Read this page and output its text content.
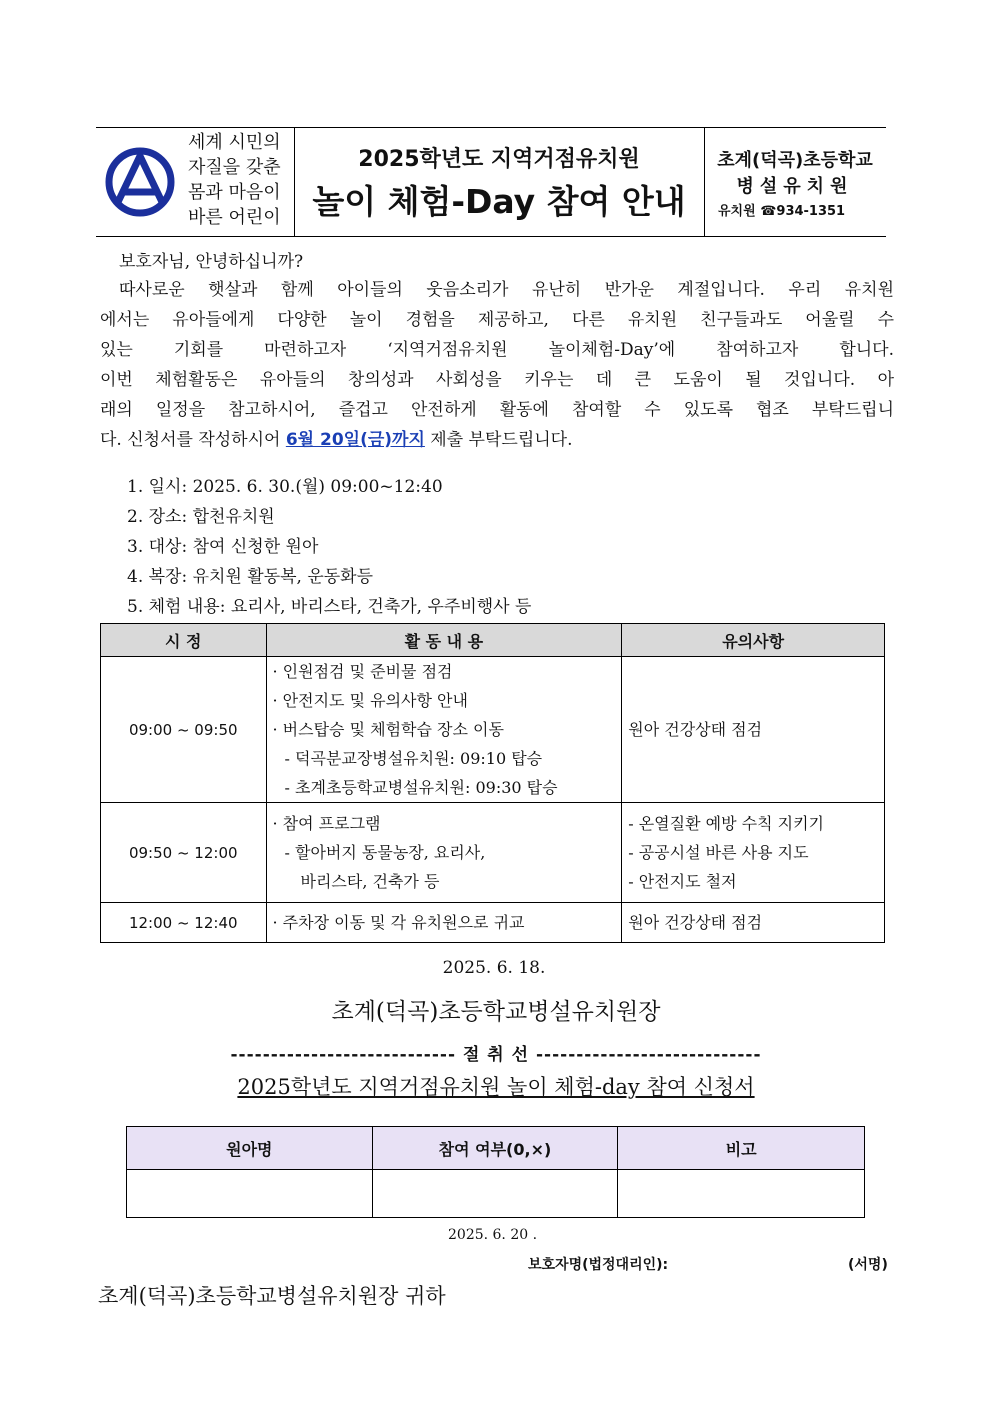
세계 시민의
자질을 갖춘
몸과 마음이
바른 어린이
2025학년도 지역거점유치원
놀이 체험-Day 참여 안내
초계(덕곡)초등학교
병설유치원
유치원 ☎934-1351
보호자님, 안녕하십니까?
따사로운 햇살과 함께 아이들의 웃음소리가 유난히 반가운 계절입니다. 우리 유치원
에서는 유아들에게 다양한 놀이 경험을 제공하고, 다른 유치원 친구들과도 어울릴 수
있는 기회를 마련하고자 ‘지역거점유치원 놀이체험-Day’에 참여하고자 합니다.
이번 체험활동은 유아들의 창의성과 사회성을 키우는 데 큰 도움이 될 것입니다. 아
래의 일정을 참고하시어, 즐겁고 안전하게 활동에 참여할 수 있도록 협조 부탁드립니
다. 신청서를 작성하시어 6월 20일(금)까지 제출 부탁드립니다.
1. 일시: 2025. 6. 30.(월) 09:00~12:40
2. 장소: 합천유치원
3. 대상: 참여 신청한 원아
4. 복장: 유치원 활동복, 운동화등
5. 체험 내용: 요리사, 바리스타, 건축가, 우주비행사 등
시 정	활 동 내 용	유의사항
09:00 ~ 09:50	· 인원점검 및 준비물 점검
· 안전지도 및 유의사항 안내
· 버스탑승 및 체험학습 장소 이동
- 덕곡분교장병설유치원: 09:10 탑승
- 초계초등학교병설유치원: 09:30 탑승	원아 건강상태 점검

09:50 ~ 12:00	· 참여 프로그램
- 할아버지 동물농장, 요리사,
바리스타, 건축가 등	- 온열질환 예방 수칙 지키기
- 공공시설 바른 사용 지도
- 안전지도 철저

12:00 ~ 12:40	· 주차장 이동 및 각 유치원으로 귀교	원아 건강상태 점검
2025. 6. 18.
초계(덕곡)초등학교병설유치원장
---------------------------- 절 취 선 ----------------------------
2025학년도 지역거점유치원 놀이 체험-day 참여 신청서
원아명	참여 여부(0,×)	비고

2025. 6. 20 .
보호자명(법정대리인):	(서명)
초계(덕곡)초등학교병설유치원장 귀하
